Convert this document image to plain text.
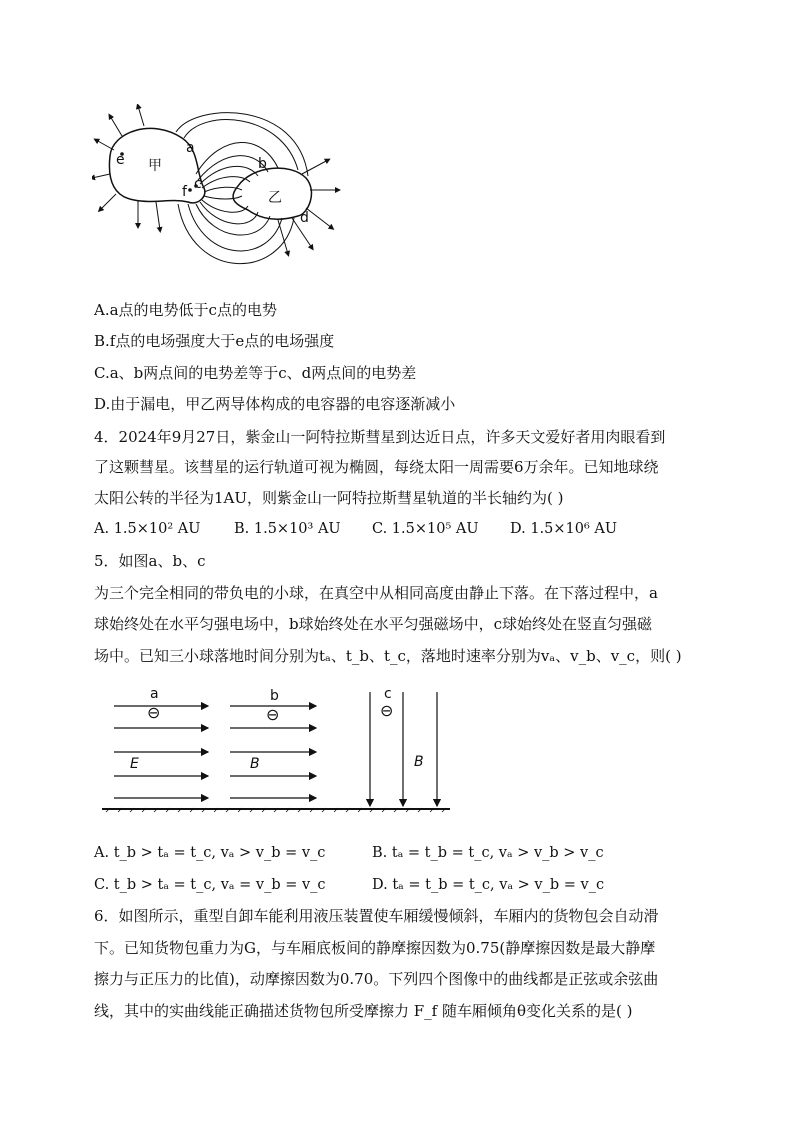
e 甲
a
b
f c
乙
d
A.a点的电势低于c点的电势
B.f点的电场强度大于e点的电场强度
C.a、b两点间的电势差等于c、d两点间的电势差
D.由于漏电，甲乙两导体构成的电容器的电容逐渐减小
4．2024年9月27日，紫金山一阿特拉斯彗星到达近日点，许多天文爱好者用肉眼看到
了这颗彗星。该彗星的运行轨道可视为椭圆，每绕太阳一周需要6万余年。已知地球绕
太阳公转的半径为1AU，则紫金山一阿特拉斯彗星轨道的半长轴约为( )
A. 1.5×10² AU B. 1.5×10³ AU C. 1.5×10⁵ AU D. 1.5×10⁶ AU
5．如图a、b、c
为三个完全相同的带负电的小球，在真空中从相同高度由静止下落。在下落过程中，a
球始终处在水平匀强电场中，b球始终处在水平匀强磁场中，c球始终处在竖直匀强磁
场中。已知三小球落地时间分别为tₐ、t_b、t_c，落地时速率分别为vₐ、v_b、v_c，则( )
a
⊖
b
⊖
c
⊖
E	B	B
A. t_b > tₐ = t_c, vₐ > v_b = v_c	B. tₐ = t_b = t_c, vₐ > v_b > v_c
C. t_b > tₐ = t_c, vₐ = v_b = v_c	D. tₐ = t_b = t_c, vₐ > v_b = v_c
6．如图所示，重型自卸车能利用液压装置使车厢缓慢倾斜，车厢内的货物包会自动滑
下。已知货物包重力为G，与车厢底板间的静摩擦因数为0.75(静摩擦因数是最大静摩
擦力与正压力的比值)，动摩擦因数为0.70。下列四个图像中的曲线都是正弦或余弦曲
线，其中的实曲线能正确描述货物包所受摩擦力 F_f 随车厢倾角θ变化关系的是( )
